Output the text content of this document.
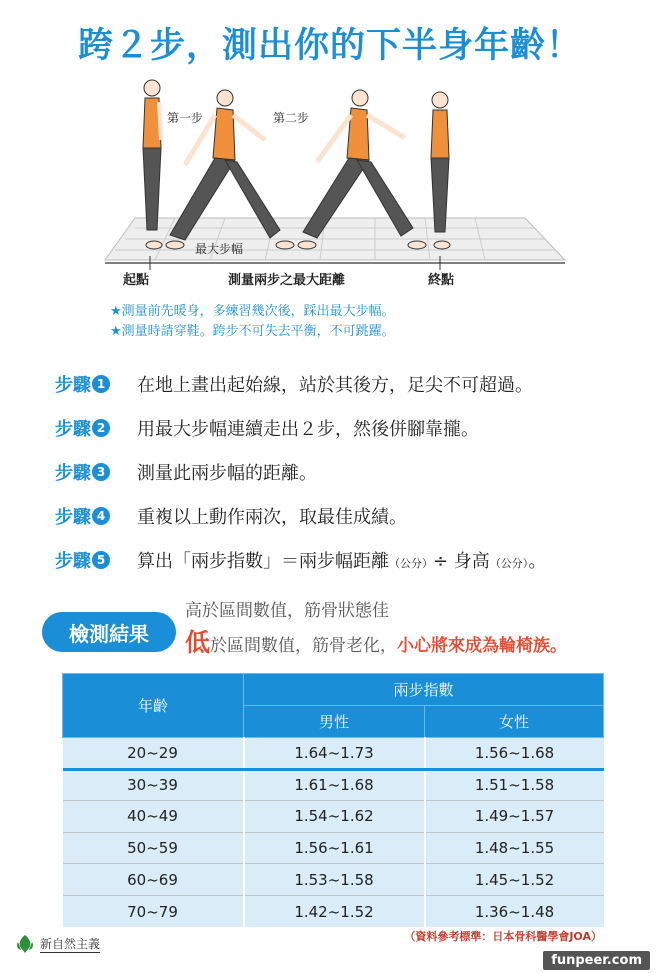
跨２步，測出你的下半身年齡！
第一步	第二步
最大步幅
起點	測量兩步之最大距離	終點
★測量前先暖身，多練習幾次後，踩出最大步幅。
★測量時請穿鞋。跨步不可失去平衡，不可跳躍。
步驟 1 在地上畫出起始線，站於其後方，足尖不可超過。
步驟 2 用最大步幅連續走出２步，然後併腳靠攏。
步驟 3 測量此兩步幅的距離。
步驟 4 重複以上動作兩次，取最佳成績。
步驟 5 算出「兩步指數」＝兩步幅距離（公分）÷ 身高（公分）。
檢測結果
高於區間數值，筋骨狀態佳
低於區間數值，筋骨老化，小心將來成為輪椅族。
年齡	兩步指數	
	男性	女性
20~29	1.64~1.73	1.56~1.68
30~39	1.61~1.68	1.51~1.58
40~49	1.54~1.62	1.49~1.57
50~59	1.56~1.61	1.48~1.55
60~69	1.53~1.58	1.45~1.52
70~79	1.42~1.52	1.36~1.48
（資料參考標準：日本骨科醫學會JOA）
新自然主義
funpeer.com
